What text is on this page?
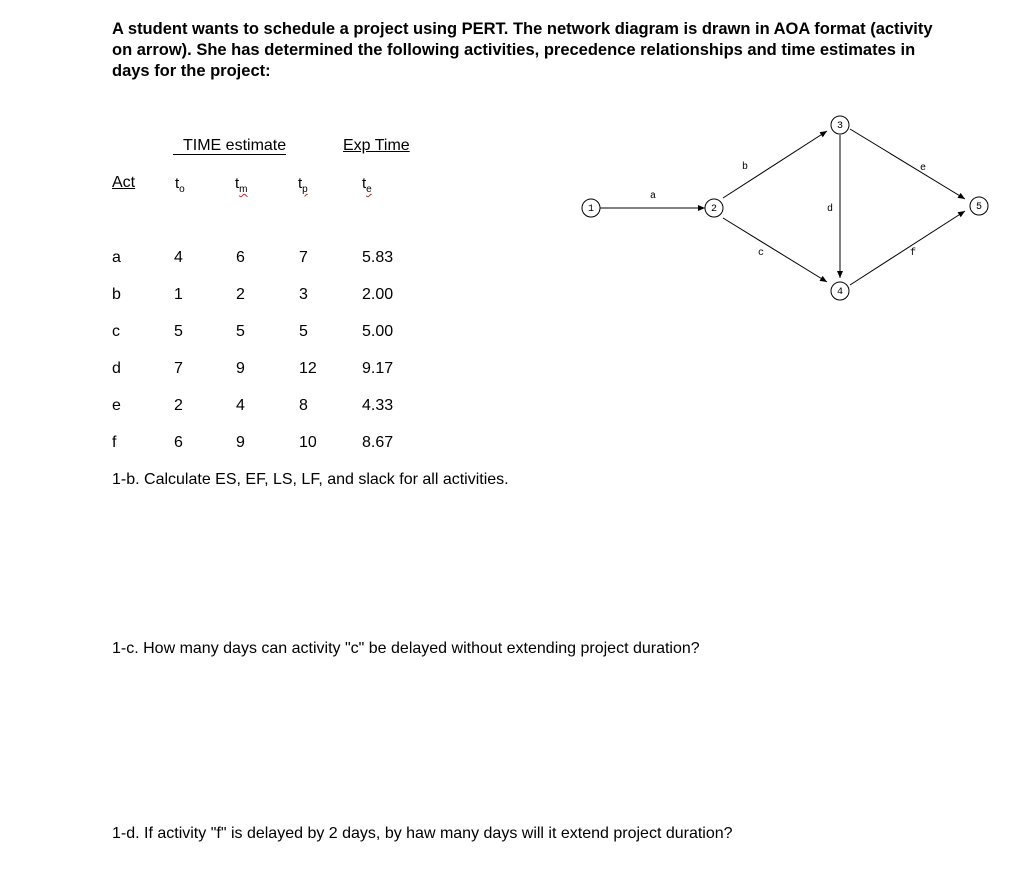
A student wants to schedule a project using PERT. The network diagram is drawn in AOA format (activity on arrow). She has determined the following activities, precedence relationships and time estimates in days for the project:

TIME estimate	Exp Time
Act	$t_o$	$t_m$	$t_p$	$t_e$
a	4	6	7	5.83
b	1	2	3	2.00
c	5	5	5	5.00
d	7	9	12	9.17
e	2	4	8	4.33
f	6	9	10	8.67

1-b. Calculate ES, EF, LS, LF, and slack for all activities.

1-c. How many days can activity "c" be delayed without extending project duration?

1-d. If activity "f" is delayed by 2 days, by haw many days will it extend project duration?

a
b
c
d
e
f
1	2
3
4
5
